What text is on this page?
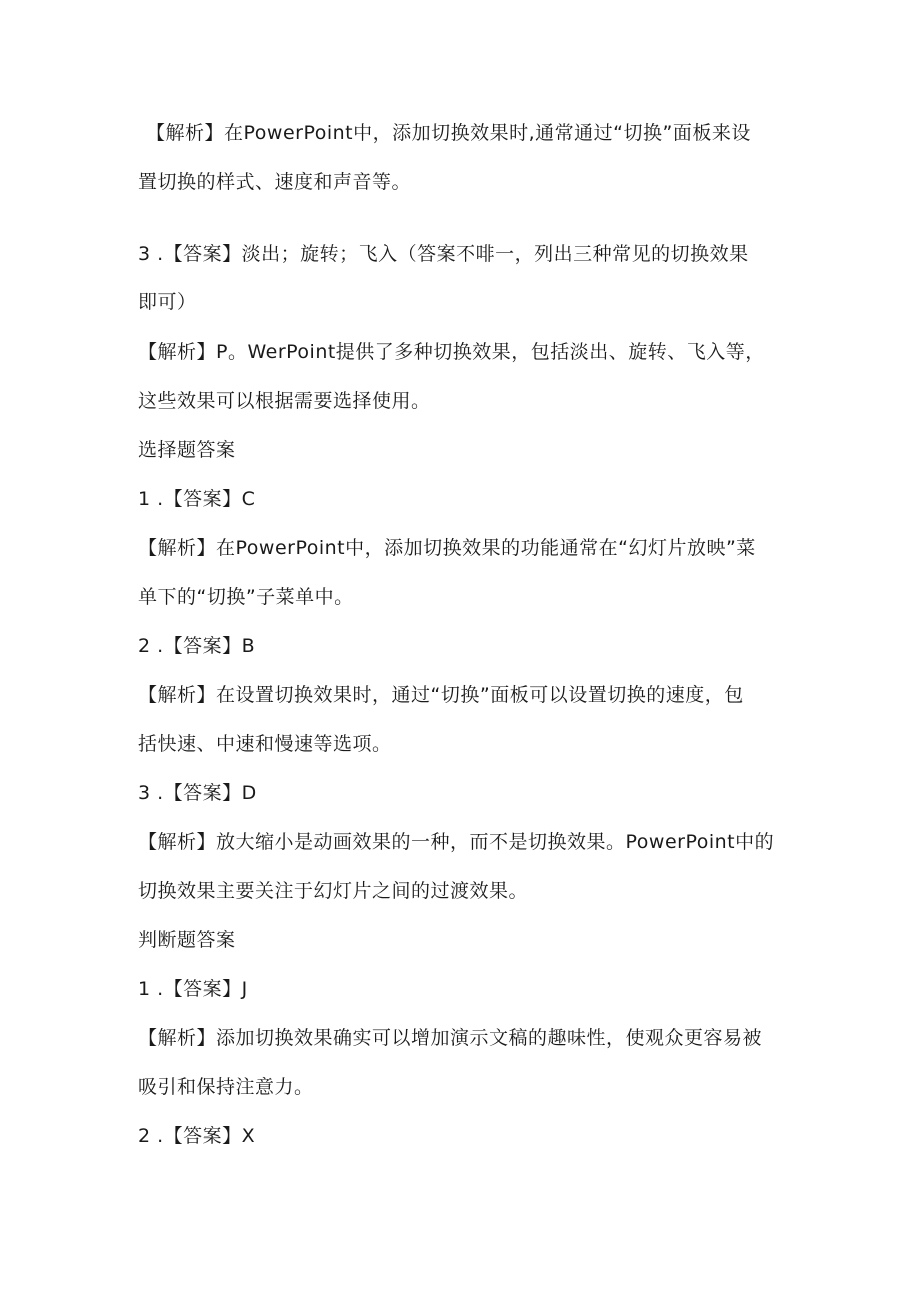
【解析】在PowerPoint中，添加切换效果时,通常通过“切换”面板来设
置切换的样式、速度和声音等。
3 .【答案】淡出；旋转；飞入（答案不啡一，列出三种常见的切换效果
即可）
【解析】P。WerPoint提供了多种切换效果，包括淡出、旋转、飞入等，
这些效果可以根据需要选择使用。
选择题答案
1 .【答案】C
【解析】在PowerPoint中，添加切换效果的功能通常在“幻灯片放映”菜
单下的“切换”子菜单中。
2 .【答案】B
【解析】在设置切换效果时，通过“切换”面板可以设置切换的速度，包
括快速、中速和慢速等选项。
3 .【答案】D
【解析】放大缩小是动画效果的一种，而不是切换效果。PowerPoint中的
切换效果主要关注于幻灯片之间的过渡效果。
判断题答案
1 .【答案】J
【解析】添加切换效果确实可以增加演示文稿的趣味性，使观众更容易被
吸引和保持注意力。
2 .【答案】X
